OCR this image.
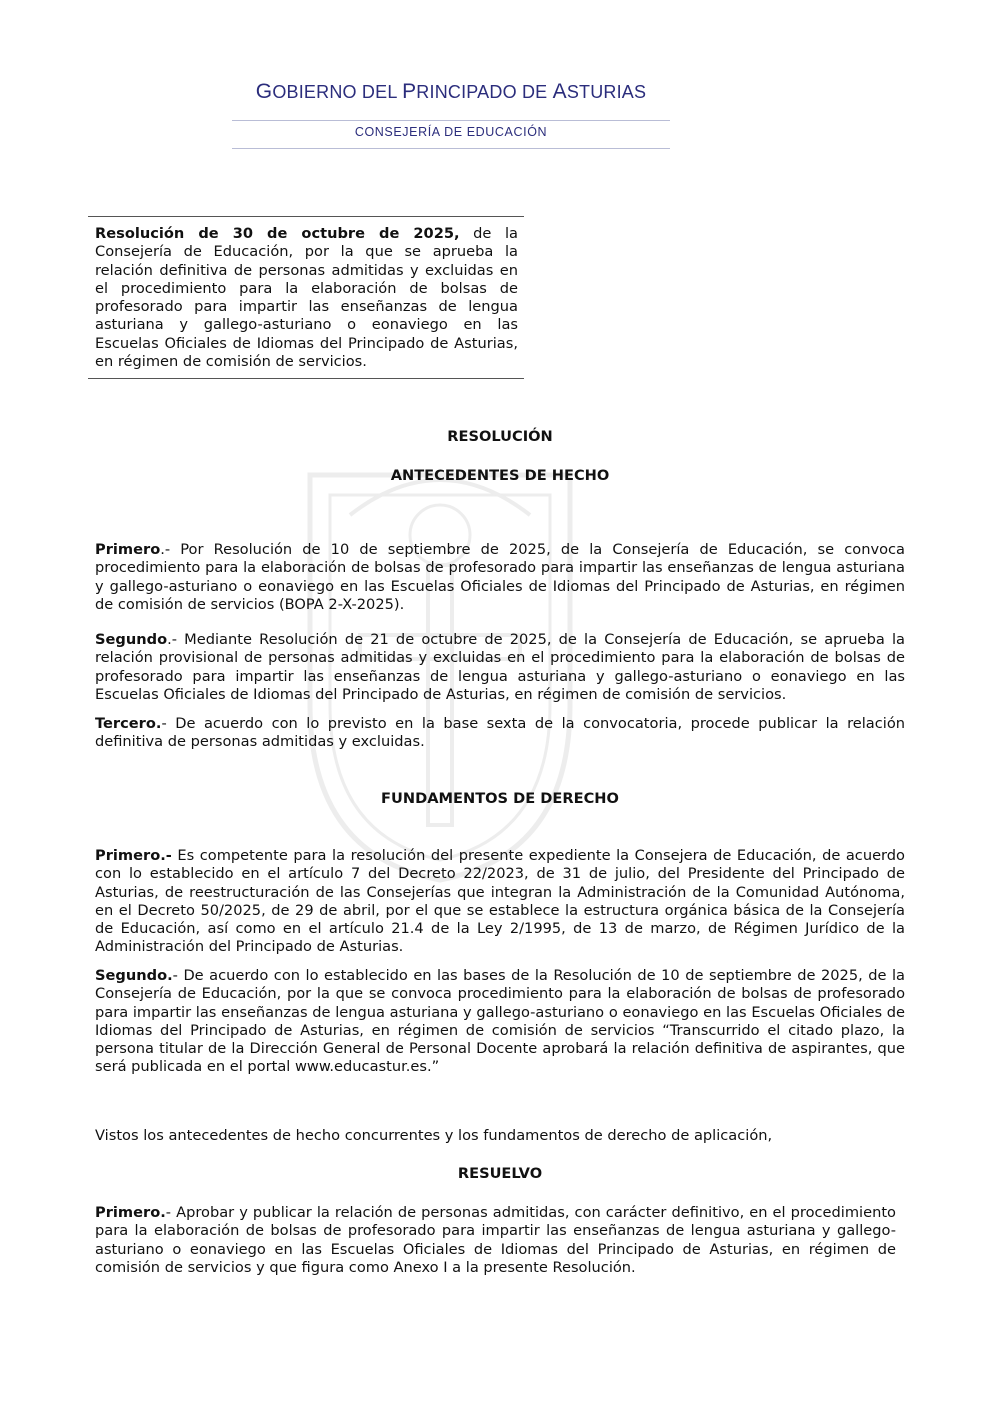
GOBIERNO DEL PRINCIPADO DE ASTURIAS
CONSEJERÍA DE EDUCACIÓN

Resolución de 30 de octubre de 2025, de la Consejería de Educación, por la que se aprueba la relación definitiva de personas admitidas y excluidas en el procedimiento para la elaboración de bolsas de profesorado para impartir las enseñanzas de lengua asturiana y gallego-asturiano o eonaviego en las Escuelas Oficiales de Idiomas del Principado de Asturias, en régimen de comisión de servicios.

RESOLUCIÓN

ANTECEDENTES DE HECHO

Primero.- Por Resolución de 10 de septiembre de 2025, de la Consejería de Educación, se convoca procedimiento para la elaboración de bolsas de profesorado para impartir las enseñanzas de lengua asturiana y gallego-asturiano o eonaviego en las Escuelas Oficiales de Idiomas del Principado de Asturias, en régimen de comisión de servicios (BOPA 2-X-2025).

Segundo.- Mediante Resolución de 21 de octubre de 2025, de la Consejería de Educación, se aprueba la relación provisional de personas admitidas y excluidas en el procedimiento para la elaboración de bolsas de profesorado para impartir las enseñanzas de lengua asturiana y gallego-asturiano o eonaviego en las Escuelas Oficiales de Idiomas del Principado de Asturias, en régimen de comisión de servicios.

Tercero.- De acuerdo con lo previsto en la base sexta de la convocatoria, procede publicar la relación definitiva de personas admitidas y excluidas.

FUNDAMENTOS DE DERECHO

Primero.- Es competente para la resolución del presente expediente la Consejera de Educación, de acuerdo con lo establecido en el artículo 7 del Decreto 22/2023, de 31 de julio, del Presidente del Principado de Asturias, de reestructuración de las Consejerías que integran la Administración de la Comunidad Autónoma, en el Decreto 50/2025, de 29 de abril, por el que se establece la estructura orgánica básica de la Consejería de Educación, así como en el artículo 21.4 de la Ley 2/1995, de 13 de marzo, de Régimen Jurídico de la Administración del Principado de Asturias.

Segundo.- De acuerdo con lo establecido en las bases de la Resolución de 10 de septiembre de 2025, de la Consejería de Educación, por la que se convoca procedimiento para la elaboración de bolsas de profesorado para impartir las enseñanzas de lengua asturiana y gallego-asturiano o eonaviego en las Escuelas Oficiales de Idiomas del Principado de Asturias, en régimen de comisión de servicios “Transcurrido el citado plazo, la persona titular de la Dirección General de Personal Docente aprobará la relación definitiva de aspirantes, que será publicada en el portal www.educastur.es.”

Vistos los antecedentes de hecho concurrentes y los fundamentos de derecho de aplicación,

RESUELVO

Primero.- Aprobar y publicar la relación de personas admitidas, con carácter definitivo, en el procedimiento para la elaboración de bolsas de profesorado para impartir las enseñanzas de lengua asturiana y gallego-asturiano o eonaviego en las Escuelas Oficiales de Idiomas del Principado de Asturias, en régimen de comisión de servicios y que figura como Anexo I a la presente Resolución.
